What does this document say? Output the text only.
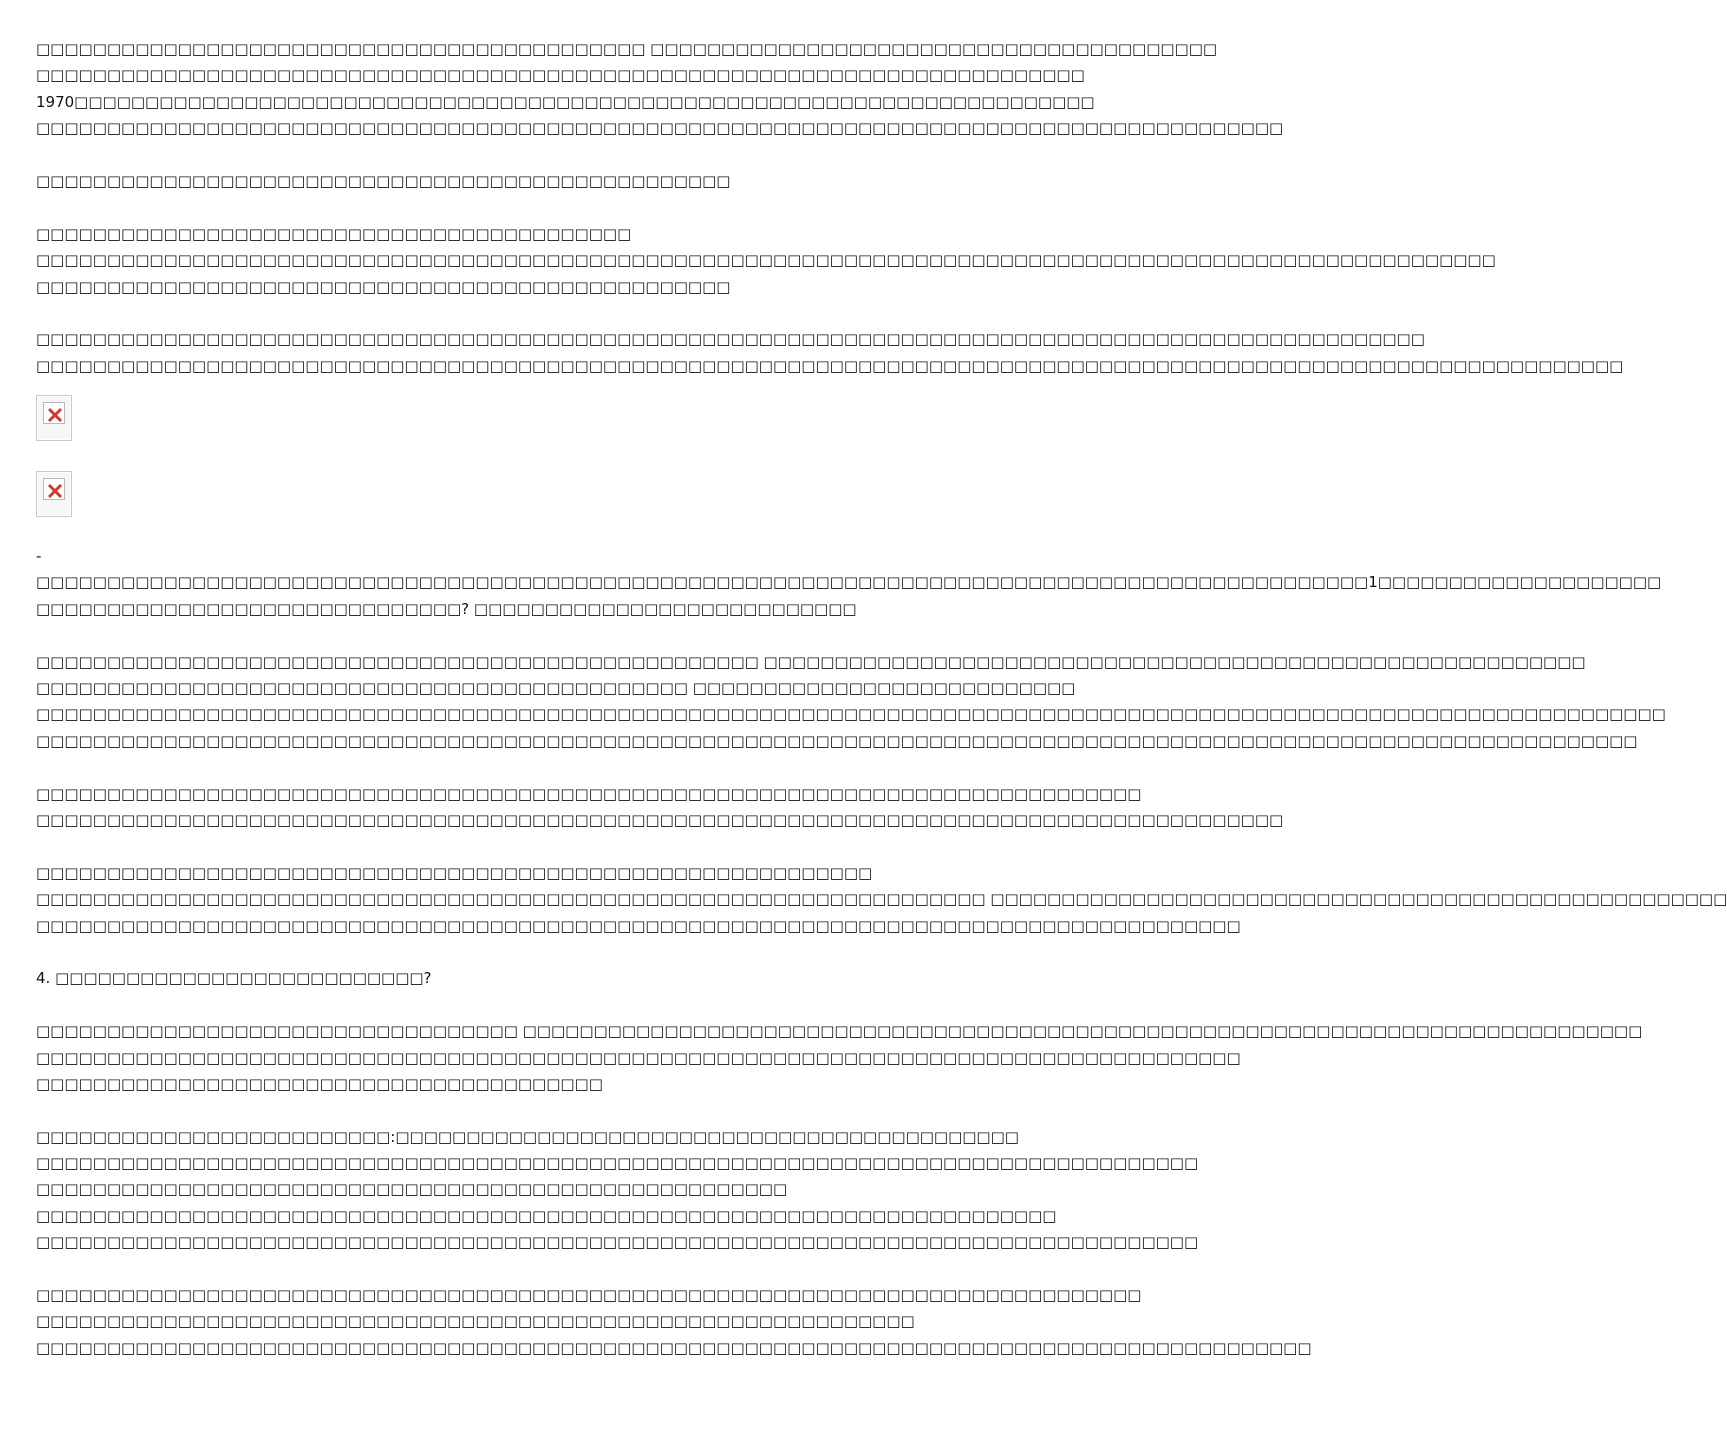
□□□□□□□□□□□□□□□□□□□□□□□□□□□□□□□□□□□□□□□□□□□ □□□□□□□□□□□□□□□□□□□□□□□□□□□□□□□□□□□□□□□□
□□□□□□□□□□□□□□□□□□□□□□□□□□□□□□□□□□□□□□□□□□□□□□□□□□□□□□□□□□□□□□□□□□□□□□□□□□
1970□□□□□□□□□□□□□□□□□□□□□□□□□□□□□□□□□□□□□□□□□□□□□□□□□□□□□□□□□□□□□□□□□□□□□□□□
□□□□□□□□□□□□□□□□□□□□□□□□□□□□□□□□□□□□□□□□□□□□□□□□□□□□□□□□□□□□□□□□□□□□□□□□□□□□□□□□□□□□□□□□
□□□□□□□□□□□□□□□□□□□□□□□□□□□□□□□□□□□□□□□□□□□□□□□□□
□□□□□□□□□□□□□□□□□□□□□□□□□□□□□□□□□□□□□□□□□□
□□□□□□□□□□□□□□□□□□□□□□□□□□□□□□□□□□□□□□□□□□□□□□□□□□□□□□□□□□□□□□□□□□□□□□□□□□□□□□□□□□□□□□□□□□□□□□□□□□□□□□□
□□□□□□□□□□□□□□□□□□□□□□□□□□□□□□□□□□□□□□□□□□□□□□□□□
□□□□□□□□□□□□□□□□□□□□□□□□□□□□□□□□□□□□□□□□□□□□□□□□□□□□□□□□□□□□□□□□□□□□□□□□□□□□□□□□□□□□□□□□□□□□□□□□□□
□□□□□□□□□□□□□□□□□□□□□□□□□□□□□□□□□□□□□□□□□□□□□□□□□□□□□□□□□□□□□□□□□□□□□□□□□□□□□□□□□□□□□□□□□□□□□□□□□□□□□□□□□□□□□□□□
-
□□□□□□□□□□□□□□□□□□□□□□□□□□□□□□□□□□□□□□□□□□□□□□□□□□□□□□□□□□□□□□□□□□□□□□□□□□□□□□□□□□□□□□□□□□□□□□1□□□□□□□□□□□□□□□□□□□□
□□□□□□□□□□□□□□□□□□□□□□□□□□□□□□? □□□□□□□□□□□□□□□□□□□□□□□□□□□
□□□□□□□□□□□□□□□□□□□□□□□□□□□□□□□□□□□□□□□□□□□□□□□□□□□ □□□□□□□□□□□□□□□□□□□□□□□□□□□□□□□□□□□□□□□□□□□□□□□□□□□□□□□□□□
□□□□□□□□□□□□□□□□□□□□□□□□□□□□□□□□□□□□□□□□□□□□□□ □□□□□□□□□□□□□□□□□□□□□□□□□□□
□□□□□□□□□□□□□□□□□□□□□□□□□□□□□□□□□□□□□□□□□□□□□□□□□□□□□□□□□□□□□□□□□□□□□□□□□□□□□□□□□□□□□□□□□□□□□□□□□□□□□□□□□□□□□□□□□□□
□□□□□□□□□□□□□□□□□□□□□□□□□□□□□□□□□□□□□□□□□□□□□□□□□□□□□□□□□□□□□□□□□□□□□□□□□□□□□□□□□□□□□□□□□□□□□□□□□□□□□□□□□□□□□□□□□
□□□□□□□□□□□□□□□□□□□□□□□□□□□□□□□□□□□□□□□□□□□□□□□□□□□□□□□□□□□□□□□□□□□□□□□□□□□□□□
□□□□□□□□□□□□□□□□□□□□□□□□□□□□□□□□□□□□□□□□□□□□□□□□□□□□□□□□□□□□□□□□□□□□□□□□□□□□□□□□□□□□□□□□
□□□□□□□□□□□□□□□□□□□□□□□□□□□□□□□□□□□□□□□□□□□□□□□□□□□□□□□□□□□
□□□□□□□□□□□□□□□□□□□□□□□□□□□□□□□□□□□□□□□□□□□□□□□□□□□□□□□□□□□□□□□□□□□ □□□□□□□□□□□□□□□□□□□□□□□□□□□□□□□□□□□□□□□□□□□□□□□□□□□□
□□□□□□□□□□□□□□□□□□□□□□□□□□□□□□□□□□□□□□□□□□□□□□□□□□□□□□□□□□□□□□□□□□□□□□□□□□□□□□□□□□□□□
4. □□□□□□□□□□□□□□□□□□□□□□□□□□?
□□□□□□□□□□□□□□□□□□□□□□□□□□□□□□□□□□ □□□□□□□□□□□□□□□□□□□□□□□□□□□□□□□□□□□□□□□□□□□□□□□□□□□□□□□□□□□□□□□□□□□□□□□□□□□□□□□
□□□□□□□□□□□□□□□□□□□□□□□□□□□□□□□□□□□□□□□□□□□□□□□□□□□□□□□□□□□□□□□□□□□□□□□□□□□□□□□□□□□□□
□□□□□□□□□□□□□□□□□□□□□□□□□□□□□□□□□□□□□□□□
□□□□□□□□□□□□□□□□□□□□□□□□□:□□□□□□□□□□□□□□□□□□□□□□□□□□□□□□□□□□□□□□□□□□□□
□□□□□□□□□□□□□□□□□□□□□□□□□□□□□□□□□□□□□□□□□□□□□□□□□□□□□□□□□□□□□□□□□□□□□□□□□□□□□□□□□□
□□□□□□□□□□□□□□□□□□□□□□□□□□□□□□□□□□□□□□□□□□□□□□□□□□□□□
□□□□□□□□□□□□□□□□□□□□□□□□□□□□□□□□□□□□□□□□□□□□□□□□□□□□□□□□□□□□□□□□□□□□□□□□
□□□□□□□□□□□□□□□□□□□□□□□□□□□□□□□□□□□□□□□□□□□□□□□□□□□□□□□□□□□□□□□□□□□□□□□□□□□□□□□□□□
□□□□□□□□□□□□□□□□□□□□□□□□□□□□□□□□□□□□□□□□□□□□□□□□□□□□□□□□□□□□□□□□□□□□□□□□□□□□□□
□□□□□□□□□□□□□□□□□□□□□□□□□□□□□□□□□□□□□□□□□□□□□□□□□□□□□□□□□□□□□□
□□□□□□□□□□□□□□□□□□□□□□□□□□□□□□□□□□□□□□□□□□□□□□□□□□□□□□□□□□□□□□□□□□□□□□□□□□□□□□□□□□□□□□□□□□
